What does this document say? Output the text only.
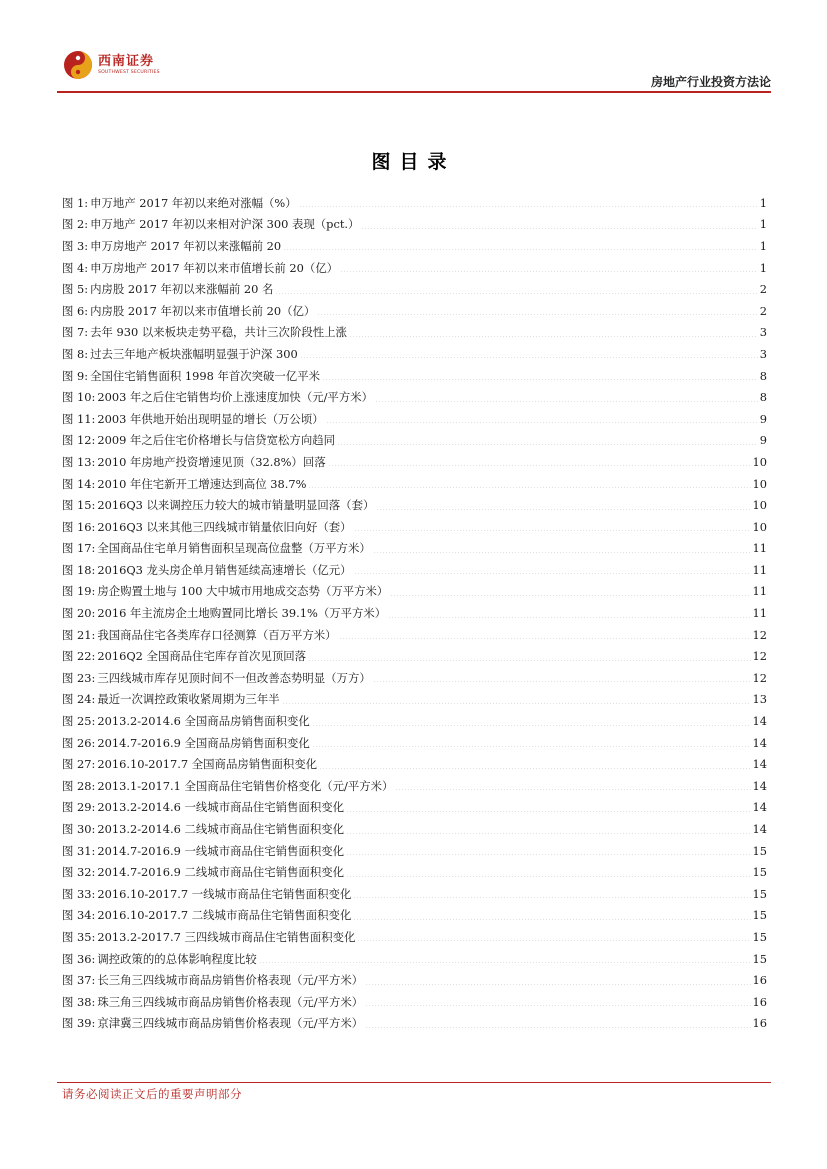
西南证券
SOUTHWEST SECURITIES
房地产行业投资方法论
图目录
图 1: 申万地产 2017 年初以来绝对涨幅（%）	1
图 2: 申万地产 2017 年初以来相对沪深 300 表现（pct.）	1
图 3: 申万房地产 2017 年初以来涨幅前 20	1
图 4: 申万房地产 2017 年初以来市值增长前 20（亿）	1
图 5: 内房股 2017 年初以来涨幅前 20 名	2
图 6: 内房股 2017 年初以来市值增长前 20（亿）	2
图 7: 去年 930 以来板块走势平稳，共计三次阶段性上涨	3
图 8: 过去三年地产板块涨幅明显强于沪深 300	3
图 9: 全国住宅销售面积 1998 年首次突破一亿平米	8
图 10: 2003 年之后住宅销售均价上涨速度加快（元/平方米）	8
图 11: 2003 年供地开始出现明显的增长（万公顷）	9
图 12: 2009 年之后住宅价格增长与信贷宽松方向趋同	9
图 13: 2010 年房地产投资增速见顶（32.8%）回落	10
图 14: 2010 年住宅新开工增速达到高位 38.7%	10
图 15: 2016Q3 以来调控压力较大的城市销量明显回落（套）	10
图 16: 2016Q3 以来其他三四线城市销量依旧向好（套）	10
图 17: 全国商品住宅单月销售面积呈现高位盘整（万平方米）	11
图 18: 2016Q3 龙头房企单月销售延续高速增长（亿元）	11
图 19: 房企购置土地与 100 大中城市用地成交态势（万平方米）	11
图 20: 2016 年主流房企土地购置同比增长 39.1%（万平方米）	11
图 21: 我国商品住宅各类库存口径测算（百万平方米）	12
图 22: 2016Q2 全国商品住宅库存首次见顶回落	12
图 23: 三四线城市库存见顶时间不一但改善态势明显（万方）	12
图 24: 最近一次调控政策收紧周期为三年半	13
图 25: 2013.2-2014.6 全国商品房销售面积变化	14
图 26: 2014.7-2016.9 全国商品房销售面积变化	14
图 27: 2016.10-2017.7 全国商品房销售面积变化	14
图 28: 2013.1-2017.1 全国商品住宅销售价格变化（元/平方米）	14
图 29: 2013.2-2014.6 一线城市商品住宅销售面积变化	14
图 30: 2013.2-2014.6 二线城市商品住宅销售面积变化	14
图 31: 2014.7-2016.9 一线城市商品住宅销售面积变化	15
图 32: 2014.7-2016.9 二线城市商品住宅销售面积变化	15
图 33: 2016.10-2017.7 一线城市商品住宅销售面积变化	15
图 34: 2016.10-2017.7 二线城市商品住宅销售面积变化	15
图 35: 2013.2-2017.7 三四线城市商品住宅销售面积变化	15
图 36: 调控政策的的总体影响程度比较	15
图 37: 长三角三四线城市商品房销售价格表现（元/平方米）	16
图 38: 珠三角三四线城市商品房销售价格表现（元/平方米）	16
图 39: 京津冀三四线城市商品房销售价格表现（元/平方米）	16
请务必阅读正文后的重要声明部分
